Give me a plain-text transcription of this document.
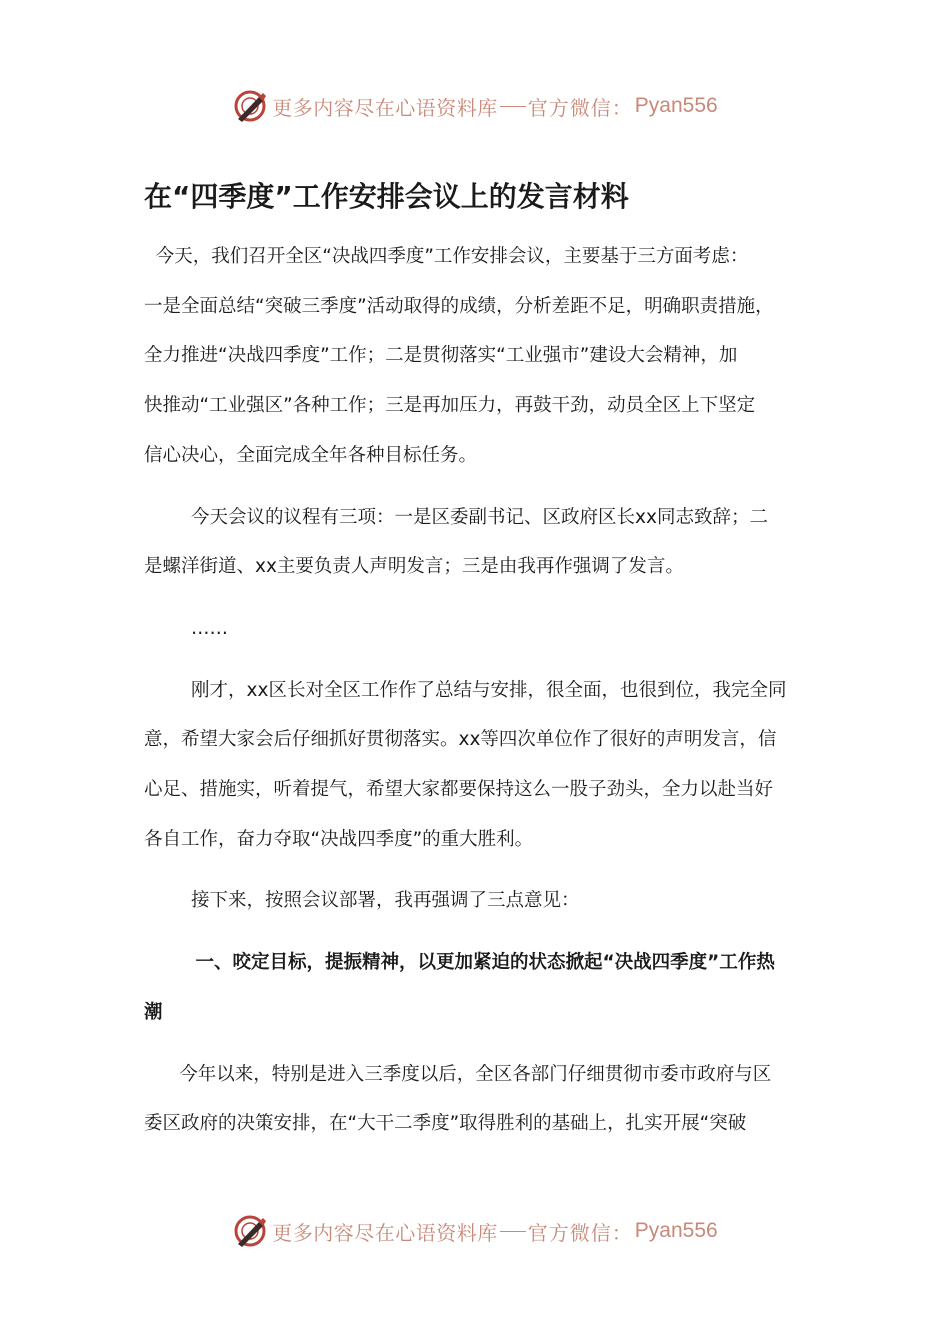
更多内容尽在心语资料库 官方微信： Pyan556
在“四季度”工作安排会议上的发言材料

今天，我们召开全区“决战四季度”工作安排会议，主要基于三方面考虑：

一是全面总结“突破三季度”活动取得的成绩，分析差距不足，明确职责措施，

全力推进“决战四季度”工作；二是贯彻落实“工业强市”建设大会精神，加

快推动“工业强区”各种工作；三是再加压力，再鼓干劲，动员全区上下坚定

信心决心，全面完成全年各种目标任务。

今天会议的议程有三项：一是区委副书记、区政府区长xx同志致辞；二

是螺洋街道、xx主要负责人声明发言；三是由我再作强调了发言。

……

刚才，xx区长对全区工作作了总结与安排，很全面，也很到位，我完全同

意，希望大家会后仔细抓好贯彻落实。xx等四次单位作了很好的声明发言，信

心足、措施实，听着提气，希望大家都要保持这么一股子劲头，全力以赴当好

各自工作，奋力夺取“决战四季度”的重大胜利。

接下来，按照会议部署，我再强调了三点意见：

一、咬定目标，提振精神，以更加紧迫的状态掀起“决战四季度”工作热

潮

今年以来，特别是进入三季度以后，全区各部门仔细贯彻市委市政府与区

委区政府的决策安排，在“大干二季度”取得胜利的基础上，扎实开展“突破

更多内容尽在心语资料库 官方微信： Pyan556
